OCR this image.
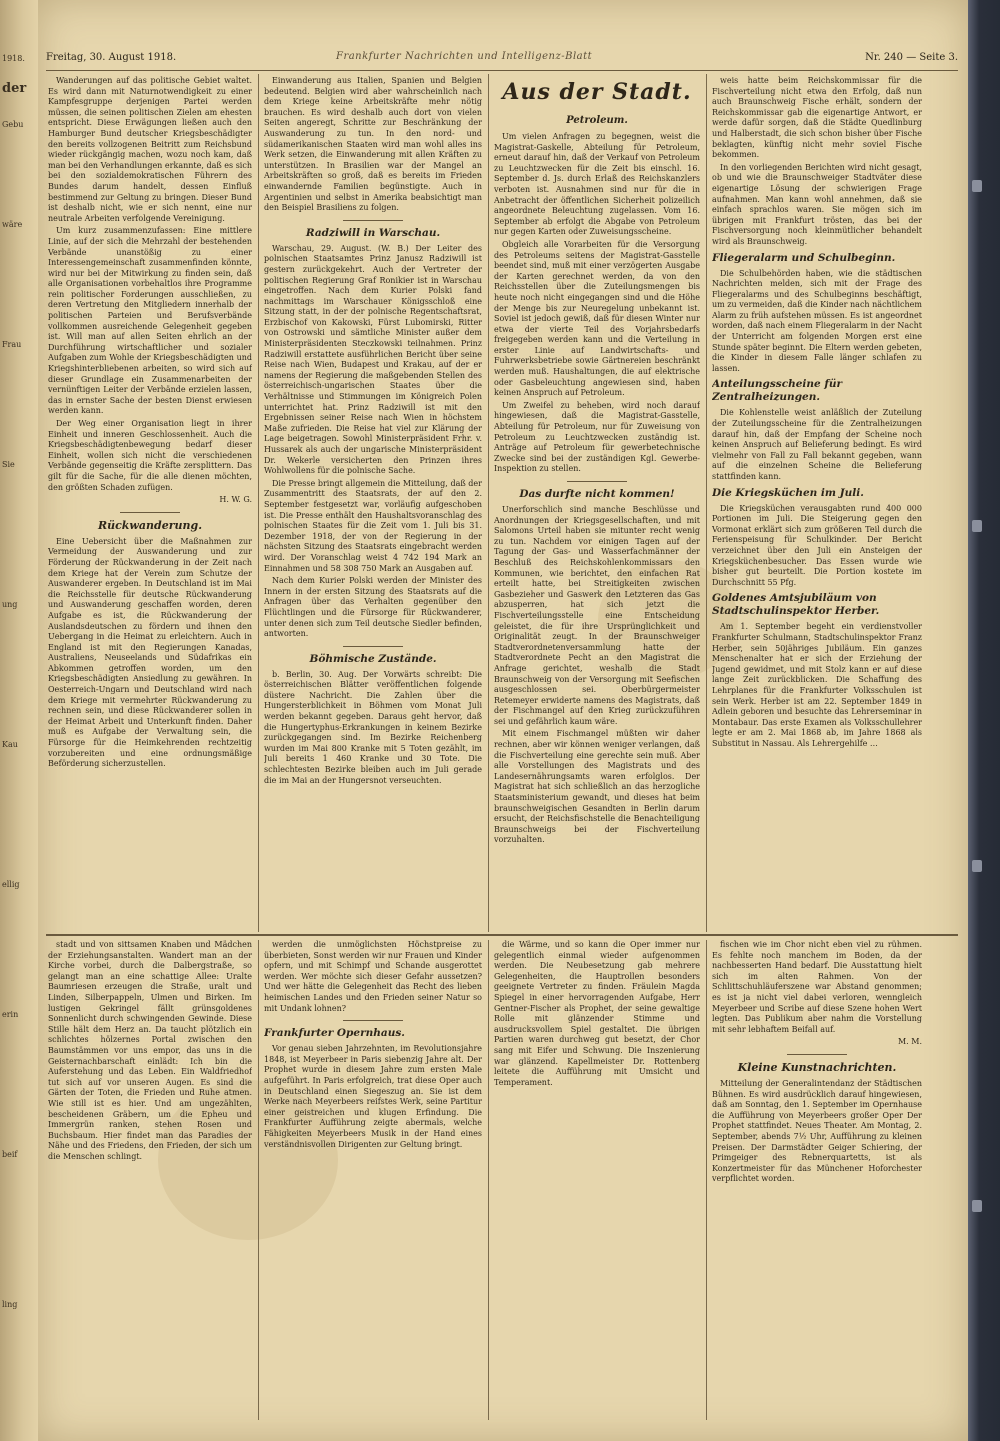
1918.
der
Gebu
wäre
Frau
Sie
ung
Kau
ellig
erin
beif
ling
Freitag, 30. August 1918.	Frankfurter Nachrichten und Intelligenz-Blatt	Nr. 240 — Seite 3.

Wanderungen auf das politische Gebiet waltet. Es wird dann mit Naturnotwendigkeit zu einer Kampfesgruppe derjenigen Partei werden müssen, die seinen politischen Zielen am ehesten entspricht. Diese Erwägungen ließen auch den Hamburger Bund deutscher Kriegsbeschädigter den bereits vollzogenen Beitritt zum Reichsbund wieder rückgängig machen, wozu noch kam, daß man bei den Verhandlungen erkannte, daß es sich bei den sozialdemokratischen Führern des Bundes darum handelt, dessen Einfluß bestimmend zur Geltung zu bringen. Dieser Bund ist deshalb nicht, wie er sich nennt, eine nur neutrale Arbeiten verfolgende Vereinigung.

Um kurz zusammenzufassen: Eine mittlere Linie, auf der sich die Mehrzahl der bestehenden Verbände unanstößig zu einer Interessengemeinschaft zusammenfinden könnte, wird nur bei der Mitwirkung zu finden sein, daß alle Organisationen vorbehaltlos ihre Programme rein politischer Forderungen ausschließen, zu deren Vertretung den Mitgliedern innerhalb der politischen Parteien und Berufsverbände vollkommen ausreichende Gelegenheit gegeben ist. Will man auf allen Seiten ehrlich an der Durchführung wirtschaftlicher und sozialer Aufgaben zum Wohle der Kriegsbeschädigten und Kriegshinterbliebenen arbeiten, so wird sich auf dieser Grundlage ein Zusammenarbeiten der vernünftigen Leiter der Verbände erzielen lassen, das in ernster Sache der besten Dienst erwiesen werden kann.

Der Weg einer Organisation liegt in ihrer Einheit und inneren Geschlossenheit. Auch die Kriegsbeschädigtenbewegung bedarf dieser Einheit, wollen sich nicht die verschiedenen Verbände gegenseitig die Kräfte zersplittern. Das gilt für die Sache, für die alle dienen möchten, den größten Schaden zufügen.

H. W. G.
Rückwanderung.

Eine Uebersicht über die Maßnahmen zur Vermeidung der Auswanderung und zur Förderung der Rückwanderung in der Zeit nach dem Kriege hat der Verein zum Schutze der Auswanderer ergeben. In Deutschland ist im Mai die Reichsstelle für deutsche Rückwanderung und Auswanderung geschaffen worden, deren Aufgabe es ist, die Rückwanderung der Auslandsdeutschen zu fördern und ihnen den Uebergang in die Heimat zu erleichtern. Auch in England ist mit den Regierungen Kanadas, Australiens, Neuseelands und Südafrikas ein Abkommen getroffen worden, um den Kriegsbeschädigten Ansiedlung zu gewähren. In Oesterreich-Ungarn und Deutschland wird nach dem Kriege mit vermehrter Rückwanderung zu rechnen sein, und diese Rückwanderer sollen in der Heimat Arbeit und Unterkunft finden. Daher muß es Aufgabe der Verwaltung sein, die Fürsorge für die Heimkehrenden rechtzeitig vorzubereiten und eine ordnungsmäßige Beförderung sicherzustellen.

Einwanderung aus Italien, Spanien und Belgien bedeutend. Belgien wird aber wahrscheinlich nach dem Kriege keine Arbeitskräfte mehr nötig brauchen. Es wird deshalb auch dort von vielen Seiten angeregt, Schritte zur Beschränkung der Auswanderung zu tun. In den nord- und südamerikanischen Staaten wird man wohl alles ins Werk setzen, die Einwanderung mit allen Kräften zu unterstützen. In Brasilien war der Mangel an Arbeitskräften so groß, daß es bereits im Frieden einwandernde Familien begünstigte. Auch in Argentinien und selbst in Amerika beabsichtigt man den Beispiel Brasiliens zu folgen.

Radziwill in Warschau.

Warschau, 29. August. (W. B.) Der Leiter des polnischen Staatsamtes Prinz Janusz Radziwill ist gestern zurückgekehrt. Auch der Vertreter der politischen Regierung Graf Ronikier ist in Warschau eingetroffen. Nach dem Kurier Polski fand nachmittags im Warschauer Königsschloß eine Sitzung statt, in der der polnische Regentschaftsrat, Erzbischof von Kakowski, Fürst Lubomirski, Ritter von Ostrowski und sämtliche Minister außer dem Ministerpräsidenten Steczkowski teilnahmen. Prinz Radziwill erstattete ausführlichen Bericht über seine Reise nach Wien, Budapest und Krakau, auf der er namens der Regierung die maßgebenden Stellen des österreichisch-ungarischen Staates über die Verhältnisse und Stimmungen im Königreich Polen unterrichtet hat. Prinz Radziwill ist mit den Ergebnissen seiner Reise nach Wien in höchstem Maße zufrieden. Die Reise hat viel zur Klärung der Lage beigetragen. Sowohl Ministerpräsident Frhr. v. Hussarek als auch der ungarische Ministerpräsident Dr. Wekerle versicherten den Prinzen ihres Wohlwollens für die polnische Sache.

Die Presse bringt allgemein die Mitteilung, daß der Zusammentritt des Staatsrats, der auf den 2. September festgesetzt war, vorläufig aufgeschoben ist. Die Presse enthält den Haushaltsvoranschlag des polnischen Staates für die Zeit vom 1. Juli bis 31. Dezember 1918, der von der Regierung in der nächsten Sitzung des Staatsrats eingebracht werden wird. Der Voranschlag weist 4 742 194 Mark an Einnahmen und 58 308 750 Mark an Ausgaben auf.

Nach dem Kurier Polski werden der Minister des Innern in der ersten Sitzung des Staatsrats auf die Anfragen über das Verhalten gegenüber den Flüchtlingen und die Fürsorge für Rückwanderer, unter denen sich zum Teil deutsche Siedler befinden, antworten.

Böhmische Zustände.

b. Berlin, 30. Aug. Der Vorwärts schreibt: Die österreichischen Blätter veröffentlichen folgende düstere Nachricht. Die Zahlen über die Hungersterblichkeit in Böhmen vom Monat Juli werden bekannt gegeben. Daraus geht hervor, daß die Hungertyphus-Erkrankungen in keinem Bezirke zurückgegangen sind. Im Bezirke Reichenberg wurden im Mai 800 Kranke mit 5 Toten gezählt, im Juli bereits 1 460 Kranke und 30 Tote. Die schlechtesten Bezirke bleiben auch im Juli gerade die im Mai an der Hungersnot verseuchten.

Aus der Stadt.
Petroleum.

Um vielen Anfragen zu begegnen, weist die Magistrat-Gaskelle, Abteilung für Petroleum, erneut darauf hin, daß der Verkauf von Petroleum zu Leuchtzwecken für die Zeit bis einschl. 16. September d. Js. durch Erlaß des Reichskanzlers verboten ist. Ausnahmen sind nur für die in Anbetracht der öffentlichen Sicherheit polizeilich angeordnete Beleuchtung zugelassen. Vom 16. September ab erfolgt die Abgabe von Petroleum nur gegen Karten oder Zuweisungsscheine.

Obgleich alle Vorarbeiten für die Versorgung des Petroleums seitens der Magistrat-Gasstelle beendet sind, muß mit einer verzögerten Ausgabe der Karten gerechnet werden, da von den Reichsstellen über die Zuteilungsmengen bis heute noch nicht eingegangen sind und die Höhe der Menge bis zur Neuregelung unbekannt ist. Soviel ist jedoch gewiß, daß für diesen Winter nur etwa der vierte Teil des Vorjahrsbedarfs freigegeben werden kann und die Verteilung in erster Linie auf Landwirtschafts- und Fuhrwerksbetriebe sowie Gärtnereien beschränkt werden muß. Haushaltungen, die auf elektrische oder Gasbeleuchtung angewiesen sind, haben keinen Anspruch auf Petroleum.

Um Zweifel zu beheben, wird noch darauf hingewiesen, daß die Magistrat-Gasstelle, Abteilung für Petroleum, nur für Zuweisung von Petroleum zu Leuchtzwecken zuständig ist. Anträge auf Petroleum für gewerbetechnische Zwecke sind bei der zuständigen Kgl. Gewerbe-Inspektion zu stellen.

Das durfte nicht kommen!

Unerforschlich sind manche Beschlüsse und Anordnungen der Kriegsgesellschaften, und mit Salomons Urteil haben sie mitunter recht wenig zu tun. Nachdem vor einigen Tagen auf der Tagung der Gas- und Wasserfachmänner der Beschluß des Reichskohlenkommissars den Kommunen, wie berichtet, den einfachen Rat erteilt hatte, bei Streitigkeiten zwischen Gasbezieher und Gaswerk den Letzteren das Gas abzusperren, hat sich jetzt die Fischverteilungsstelle eine Entscheidung geleistet, die für ihre Ursprünglichkeit und Originalität zeugt. In der Braunschweiger Stadtverordnetenversammlung hatte der Stadtverordnete Pecht an den Magistrat die Anfrage gerichtet, weshalb die Stadt Braunschweig von der Versorgung mit Seefischen ausgeschlossen sei. Oberbürgermeister Retemeyer erwiderte namens des Magistrats, daß der Fischmangel auf den Krieg zurückzuführen sei und gefährlich kaum wäre.

Mit einem Fischmangel müßten wir daher rechnen, aber wir können weniger verlangen, daß die Fischverteilung eine gerechte sein muß. Aber alle Vorstellungen des Magistrats und des Landesernährungsamts waren erfolglos. Der Magistrat hat sich schließlich an das herzogliche Staatsministerium gewandt, und dieses hat beim braunschweigischen Gesandten in Berlin darum ersucht, der Reichsfischstelle die Benachteiligung Braunschweigs bei der Fischverteilung vorzuhalten.

weis hatte beim Reichskommissar für die Fischverteilung nicht etwa den Erfolg, daß nun auch Braunschweig Fische erhält, sondern der Reichskommissar gab die eigenartige Antwort, er werde dafür sorgen, daß die Städte Quedlinburg und Halberstadt, die sich schon bisher über Fische beklagten, künftig nicht mehr soviel Fische bekommen.

In den vorliegenden Berichten wird nicht gesagt, ob und wie die Braunschweiger Stadtväter diese eigenartige Lösung der schwierigen Frage aufnahmen. Man kann wohl annehmen, daß sie einfach sprachlos waren. Sie mögen sich im übrigen mit Frankfurt trösten, das bei der Fischversorgung noch kleinmütlicher behandelt wird als Braunschweig.

Fliegeralarm und Schulbeginn.

Die Schulbehörden haben, wie die städtischen Nachrichten melden, sich mit der Frage des Fliegeralarms und des Schulbeginns beschäftigt, um zu vermeiden, daß die Kinder nach nächtlichem Alarm zu früh aufstehen müssen. Es ist angeordnet worden, daß nach einem Fliegeralarm in der Nacht der Unterricht am folgenden Morgen erst eine Stunde später beginnt. Die Eltern werden gebeten, die Kinder in diesem Falle länger schlafen zu lassen.

Anteilungsscheine für Zentralheizungen.

Die Kohlenstelle weist anläßlich der Zuteilung der Zuteilungsscheine für die Zentralheizungen darauf hin, daß der Empfang der Scheine noch keinen Anspruch auf Belieferung bedingt. Es wird vielmehr von Fall zu Fall bekannt gegeben, wann auf die einzelnen Scheine die Belieferung stattfinden kann.

Die Kriegsküchen im Juli.

Die Kriegsküchen verausgabten rund 400 000 Portionen im Juli. Die Steigerung gegen den Vormonat erklärt sich zum größeren Teil durch die Ferienspeisung für Schulkinder. Der Bericht verzeichnet über den Juli ein Ansteigen der Kriegsküchenbesucher. Das Essen wurde wie bisher gut beurteilt. Die Portion kostete im Durchschnitt 55 Pfg.

Goldenes Amtsjubiläum von Stadtschulinspektor Herber.

Am 1. September begeht ein verdienstvoller Frankfurter Schulmann, Stadtschulinspektor Franz Herber, sein 50jähriges Jubiläum. Ein ganzes Menschenalter hat er sich der Erziehung der Jugend gewidmet, und mit Stolz kann er auf diese lange Zeit zurückblicken. Die Schaffung des Lehrplanes für die Frankfurter Volksschulen ist sein Werk. Herber ist am 22. September 1849 in Adlein geboren und besuchte das Lehrerseminar in Montabaur. Das erste Examen als Volksschullehrer legte er am 2. Mai 1868 ab, im Jahre 1868 als Substitut in Nassau. Als Lehrergehilfe …

stadt und von sittsamen Knaben und Mädchen der Erziehungsanstalten. Wandert man an der Kirche vorbei, durch die Dalbergstraße, so gelangt man an eine schattige Allee: Uralte Baumriesen erzeugen die Straße, uralt und Linden, Silberpappeln, Ulmen und Birken. Im lustigen Gekringel fällt grünsgoldenes Sonnenlicht durch schwingenden Gewinde. Diese Stille hält dem Herz an. Da taucht plötzlich ein schlichtes hölzernes Portal zwischen den Baumstämmen vor uns empor, das uns in die Geisternachbarschaft einlädt: Ich bin die Auferstehung und das Leben. Ein Waldfriedhof tut sich auf vor unseren Augen. Es sind die Gärten der Toten, die Frieden und Ruhe atmen. Wie still ist es hier. Und am ungezählten, bescheidenen Gräbern, um die Epheu und Immergrün ranken, stehen Rosen und Buchsbaum. Hier findet man das Paradies der Nähe und des Friedens, den Frieden, der sich um die Menschen schlingt.

werden die unmöglichsten Höchstpreise zu überbieten, Sonst werden wir nur Frauen und Kinder opfern, und mit Schimpf und Schande ausgerottet werden. Wer möchte sich dieser Gefahr aussetzen? Und wer hätte die Gelegenheit das Recht des lieben heimischen Landes und den Frieden seiner Natur so mit Undank lohnen?

Frankfurter Opernhaus.

Vor genau sieben Jahrzehnten, im Revolutionsjahre 1848, ist Meyerbeer in Paris siebenzig Jahre alt. Der Prophet wurde in diesem Jahre zum ersten Male aufgeführt. In Paris erfolgreich, trat diese Oper auch in Deutschland einen Siegeszug an. Sie ist dem Werke nach Meyerbeers reifstes Werk, seine Partitur einer geistreichen und klugen Erfindung. Die Frankfurter Aufführung zeigte abermals, welche Fähigkeiten Meyerbeers Musik in der Hand eines verständnisvollen Dirigenten zur Geltung bringt.

die Wärme, und so kann die Oper immer nur gelegentlich einmal wieder aufgenommen werden. Die Neubesetzung gab mehrere Gelegenheiten, die Hauptrollen besonders geeignete Vertreter zu finden. Fräulein Magda Spiegel in einer hervorragenden Aufgabe, Herr Gentner-Fischer als Prophet, der seine gewaltige Rolle mit glänzender Stimme und ausdrucksvollem Spiel gestaltet. Die übrigen Partien waren durchweg gut besetzt, der Chor sang mit Eifer und Schwung. Die Inszenierung war glänzend. Kapellmeister Dr. Rottenberg leitete die Aufführung mit Umsicht und Temperament.

fischen wie im Chor nicht eben viel zu rühmen. Es fehlte noch manchem im Boden, da der nachbesserten Hand bedarf. Die Ausstattung hielt sich im alten Rahmen. Von der Schlittschuhläuferszene war Abstand genommen; es ist ja nicht viel dabei verloren, wenngleich Meyerbeer und Scribe auf diese Szene hohen Wert legten. Das Publikum aber nahm die Vorstellung mit sehr lebhaftem Beifall auf.

M. M.
Kleine Kunstnachrichten.

Mitteilung der Generalintendanz der Städtischen Bühnen. Es wird ausdrücklich darauf hingewiesen, daß am Sonntag, den 1. September im Opernhause die Aufführung von Meyerbeers großer Oper Der Prophet stattfindet. Neues Theater. Am Montag, 2. September, abends 7½ Uhr, Aufführung zu kleinen Preisen. Der Darmstädter Geiger Schiering, der Primgeiger des Rebnerquartetts, ist als Konzertmeister für das Münchener Hoforchester verpflichtet worden.
